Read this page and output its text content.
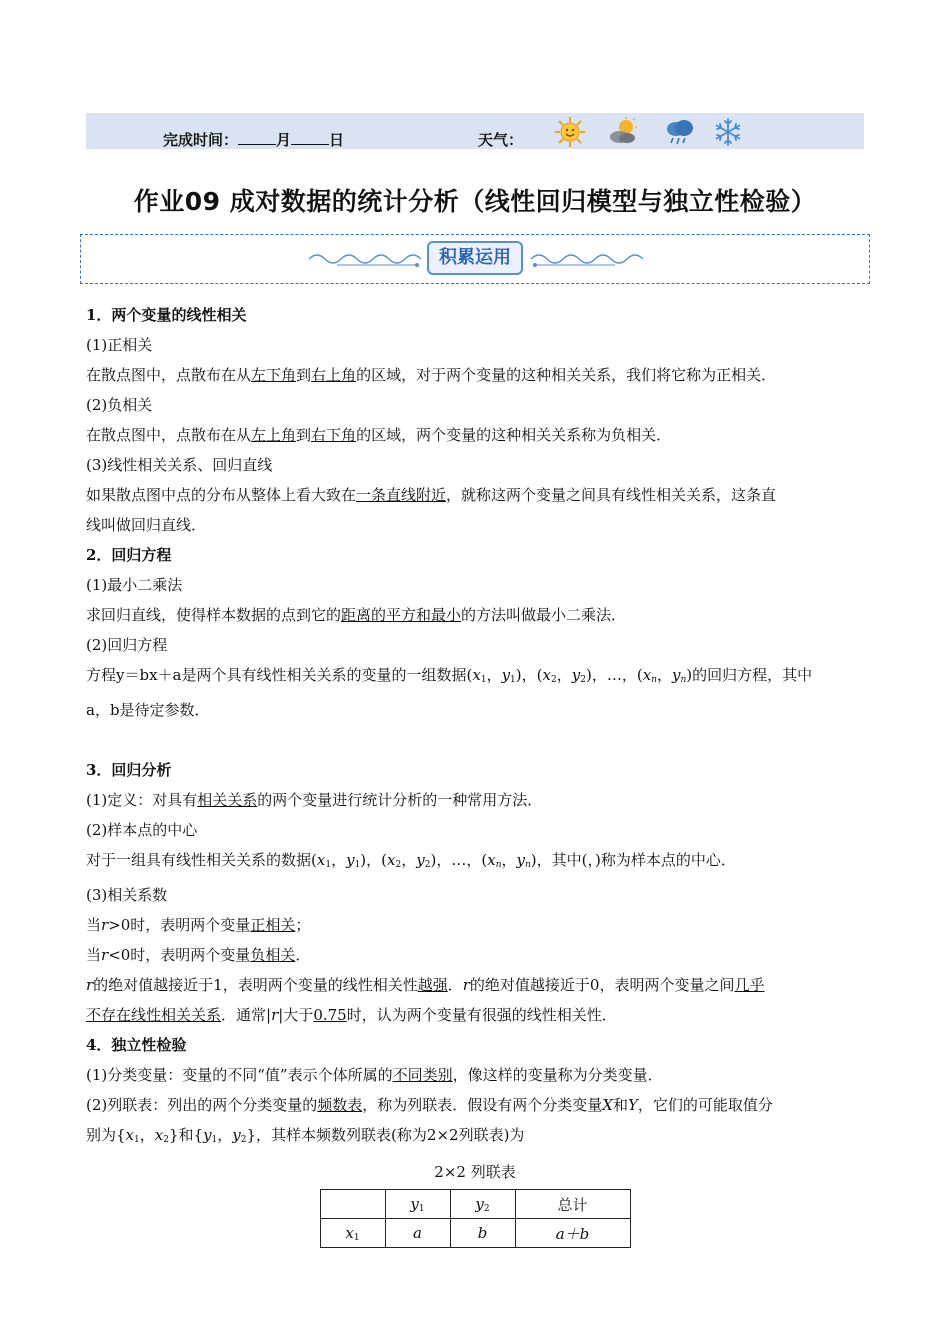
完成时间：	月	日	天气：
作业09 成对数据的统计分析（线性回归模型与独立性检验）
积累运用
1．两个变量的线性相关
(1)正相关
在散点图中，点散布在从左下角到右上角的区域，对于两个变量的这种相关关系，我们将它称为正相关．
(2)负相关
在散点图中，点散布在从左上角到右下角的区域，两个变量的这种相关关系称为负相关．
(3)线性相关关系、回归直线
如果散点图中点的分布从整体上看大致在一条直线附近，就称这两个变量之间具有线性相关关系，这条直
线叫做回归直线．
2．回归方程
(1)最小二乘法
求回归直线，使得样本数据的点到它的距离的平方和最小的方法叫做最小二乘法．
(2)回归方程
方程y＝bx＋a是两个具有线性相关关系的变量的一组数据($x_1$，$y_1$)，($x_2$，$y_2$)，…，($x_n$，$y_n$)的回归方程，其中
a，b是待定参数．
3．回归分析
(1)定义：对具有相关关系的两个变量进行统计分析的一种常用方法．
(2)样本点的中心
对于一组具有线性相关关系的数据($x_1$，$y_1$)，($x_2$，$y_2$)，…，($x_n$，$y_n$)，其中(，)称为样本点的中心．
(3)相关系数
当r>0时，表明两个变量正相关；
当r<0时，表明两个变量负相关．
r的绝对值越接近于1，表明两个变量的线性相关性越强．r的绝对值越接近于0，表明两个变量之间几乎
不存在线性相关关系．通常|r|大于0.75时，认为两个变量有很强的线性相关性．
4．独立性检验
(1)分类变量：变量的不同“值”表示个体所属的不同类别，像这样的变量称为分类变量．
(2)列联表：列出的两个分类变量的频数表，称为列联表．假设有两个分类变量X和Y，它们的可能取值分
别为{$x_1$，$x_2$}和{$y_1$，$y_2$}，其样本频数列联表(称为2×2列联表)为
2×2 列联表
	$y_1$	$y_2$	总计
$x_1$	a	b	a＋b
